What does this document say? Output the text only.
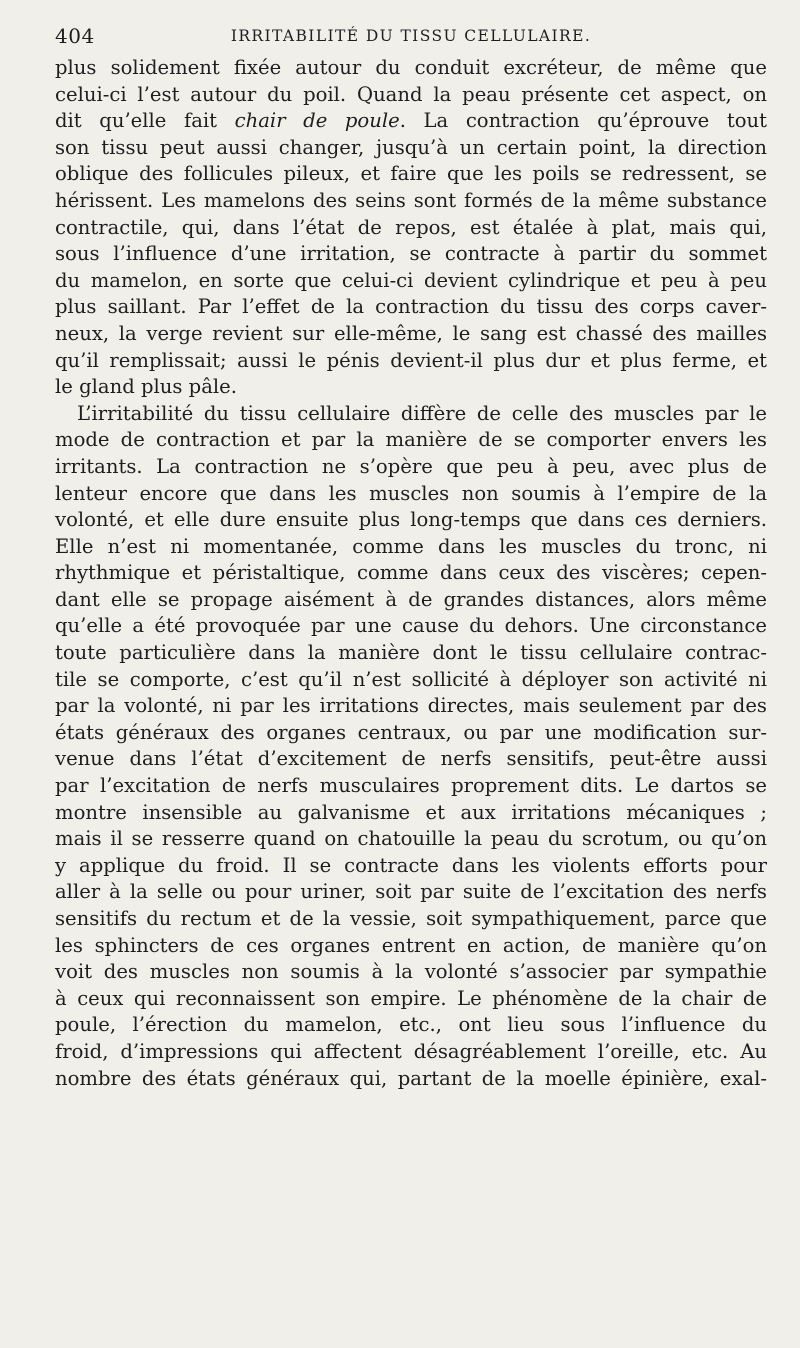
404	IRRITABILITÉ DU TISSU CELLULAIRE.
plus solidement fixée autour du conduit excréteur, de même que
celui-ci l’est autour du poil. Quand la peau présente cet aspect, on
dit qu’elle fait chair de poule. La contraction qu’éprouve tout
son tissu peut aussi changer, jusqu’à un certain point, la direction
oblique des follicules pileux, et faire que les poils se redressent, se
hérissent. Les mamelons des seins sont formés de la même substance
contractile, qui, dans l’état de repos, est étalée à plat, mais qui,
sous l’influence d’une irritation, se contracte à partir du sommet
du mamelon, en sorte que celui-ci devient cylindrique et peu à peu
plus saillant. Par l’effet de la contraction du tissu des corps caver-
neux, la verge revient sur elle-même, le sang est chassé des mailles
qu’il remplissait; aussi le pénis devient-il plus dur et plus ferme, et
le gland plus pâle.
L’irritabilité du tissu cellulaire diffère de celle des muscles par le
mode de contraction et par la manière de se comporter envers les
irritants. La contraction ne s’opère que peu à peu, avec plus de
lenteur encore que dans les muscles non soumis à l’empire de la
volonté, et elle dure ensuite plus long-temps que dans ces derniers.
Elle n’est ni momentanée, comme dans les muscles du tronc, ni
rhythmique et péristaltique, comme dans ceux des viscères; cepen-
dant elle se propage aisément à de grandes distances, alors même
qu’elle a été provoquée par une cause du dehors. Une circonstance
toute particulière dans la manière dont le tissu cellulaire contrac-
tile se comporte, c’est qu’il n’est sollicité à déployer son activité ni
par la volonté, ni par les irritations directes, mais seulement par des
états généraux des organes centraux, ou par une modification sur-
venue dans l’état d’excitement de nerfs sensitifs, peut-être aussi
par l’excitation de nerfs musculaires proprement dits. Le dartos se
montre insensible au galvanisme et aux irritations mécaniques ;
mais il se resserre quand on chatouille la peau du scrotum, ou qu’on
y applique du froid. Il se contracte dans les violents efforts pour
aller à la selle ou pour uriner, soit par suite de l’excitation des nerfs
sensitifs du rectum et de la vessie, soit sympathiquement, parce que
les sphincters de ces organes entrent en action, de manière qu’on
voit des muscles non soumis à la volonté s’associer par sympathie
à ceux qui reconnaissent son empire. Le phénomène de la chair de
poule, l’érection du mamelon, etc., ont lieu sous l’influence du
froid, d’impressions qui affectent désagréablement l’oreille, etc. Au
nombre des états généraux qui, partant de la moelle épinière, exal-
